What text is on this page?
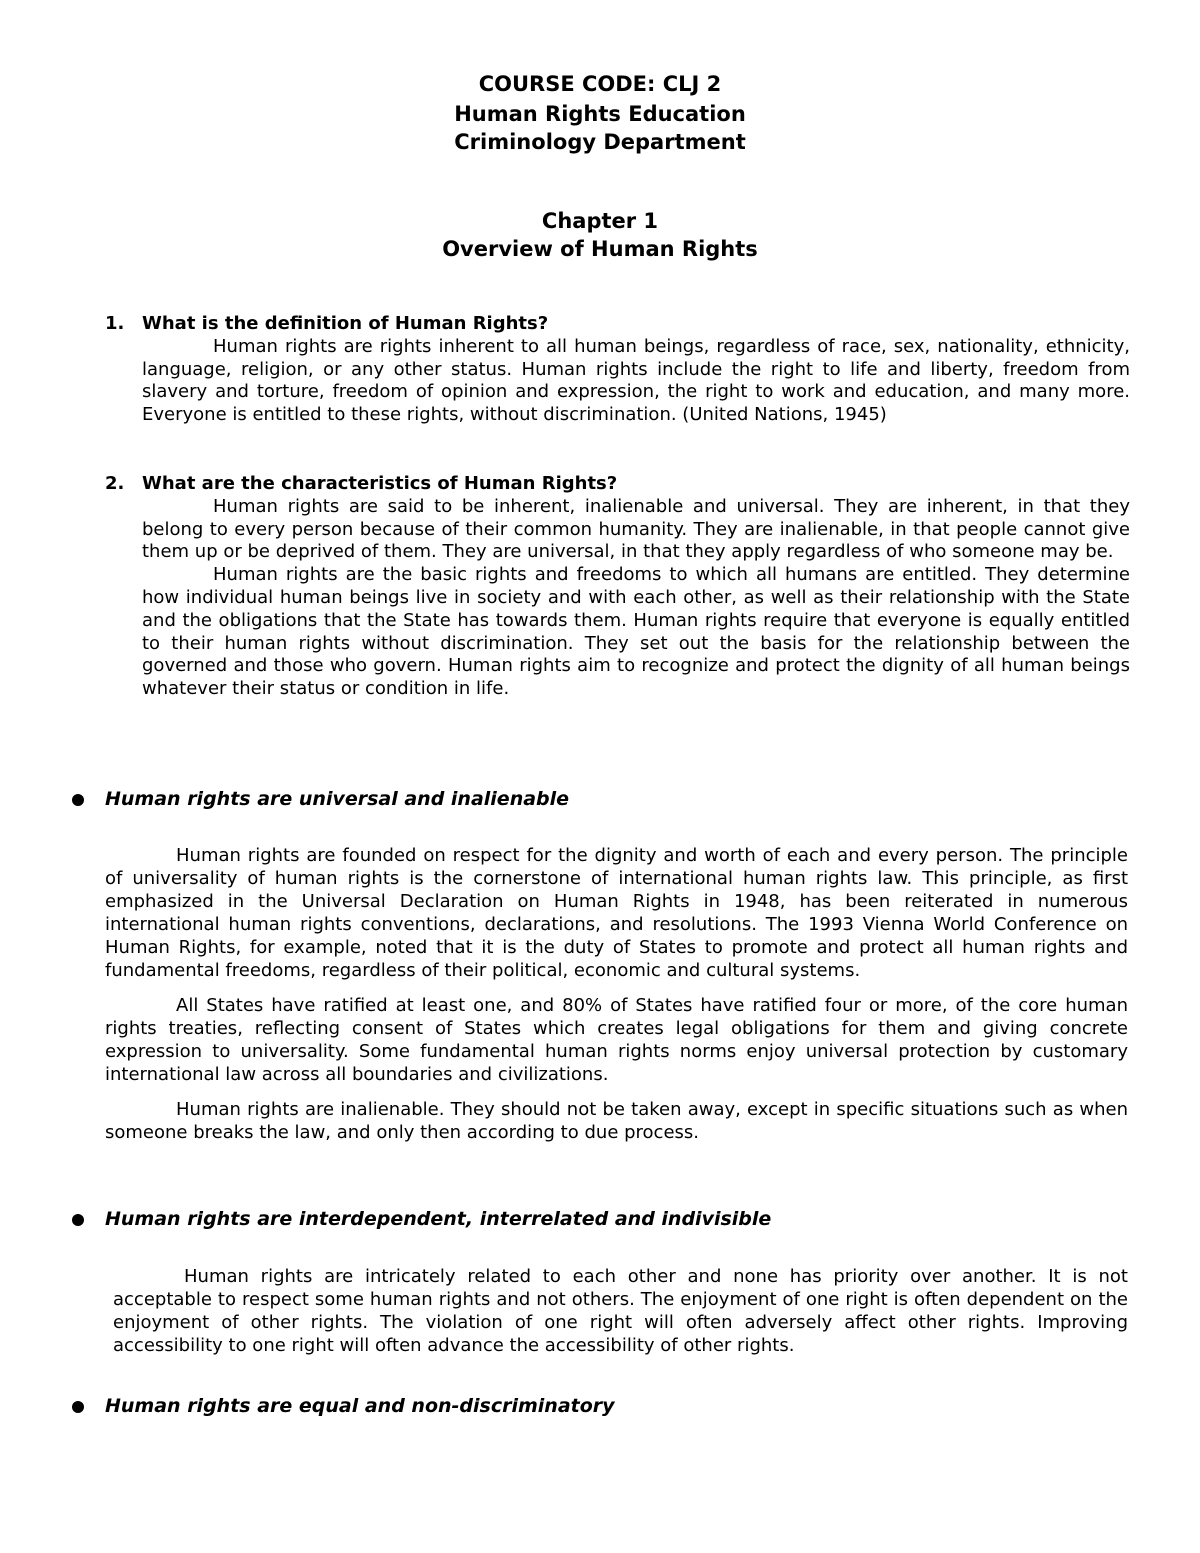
COURSE CODE: CLJ 2
Human Rights Education
Criminology Department
Chapter 1
Overview of Human Rights
1. What is the definition of Human Rights?

Human rights are rights inherent to all human beings, regardless of race, sex, nationality, ethnicity, language, religion, or any other status. Human rights include the right to life and liberty, freedom from slavery and torture, freedom of opinion and expression, the right to work and education, and many more. Everyone is entitled to these rights, without discrimination. (United Nations, 1945)

2. What are the characteristics of Human Rights?

Human rights are said to be inherent, inalienable and universal. They are inherent, in that they belong to every person because of their common humanity. They are inalienable, in that people cannot give them up or be deprived of them. They are universal, in that they apply regardless of who someone may be.

Human rights are the basic rights and freedoms to which all humans are entitled. They determine how individual human beings live in society and with each other, as well as their relationship with the State and the obligations that the State has towards them. Human rights require that everyone is equally entitled to their human rights without discrimination. They set out the basis for the relationship between the governed and those who govern. Human rights aim to recognize and protect the dignity of all human beings whatever their status or condition in life.

Human rights are universal and inalienable

Human rights are founded on respect for the dignity and worth of each and every person. The principle of universality of human rights is the cornerstone of international human rights law. This principle, as first emphasized in the Universal Declaration on Human Rights in 1948, has been reiterated in numerous international human rights conventions, declarations, and resolutions. The 1993 Vienna World Conference on Human Rights, for example, noted that it is the duty of States to promote and protect all human rights and fundamental freedoms, regardless of their political, economic and cultural systems.

All States have ratified at least one, and 80% of States have ratified four or more, of the core human rights treaties, reflecting consent of States which creates legal obligations for them and giving concrete expression to universality. Some fundamental human rights norms enjoy universal protection by customary international law across all boundaries and civilizations.

Human rights are inalienable. They should not be taken away, except in specific situations such as when someone breaks the law, and only then according to due process.

Human rights are interdependent, interrelated and indivisible

Human rights are intricately related to each other and none has priority over another. It is not acceptable to respect some human rights and not others. The enjoyment of one right is often dependent on the enjoyment of other rights. The violation of one right will often adversely affect other rights. Improving accessibility to one right will often advance the accessibility of other rights.

Human rights are equal and non-discriminatory
